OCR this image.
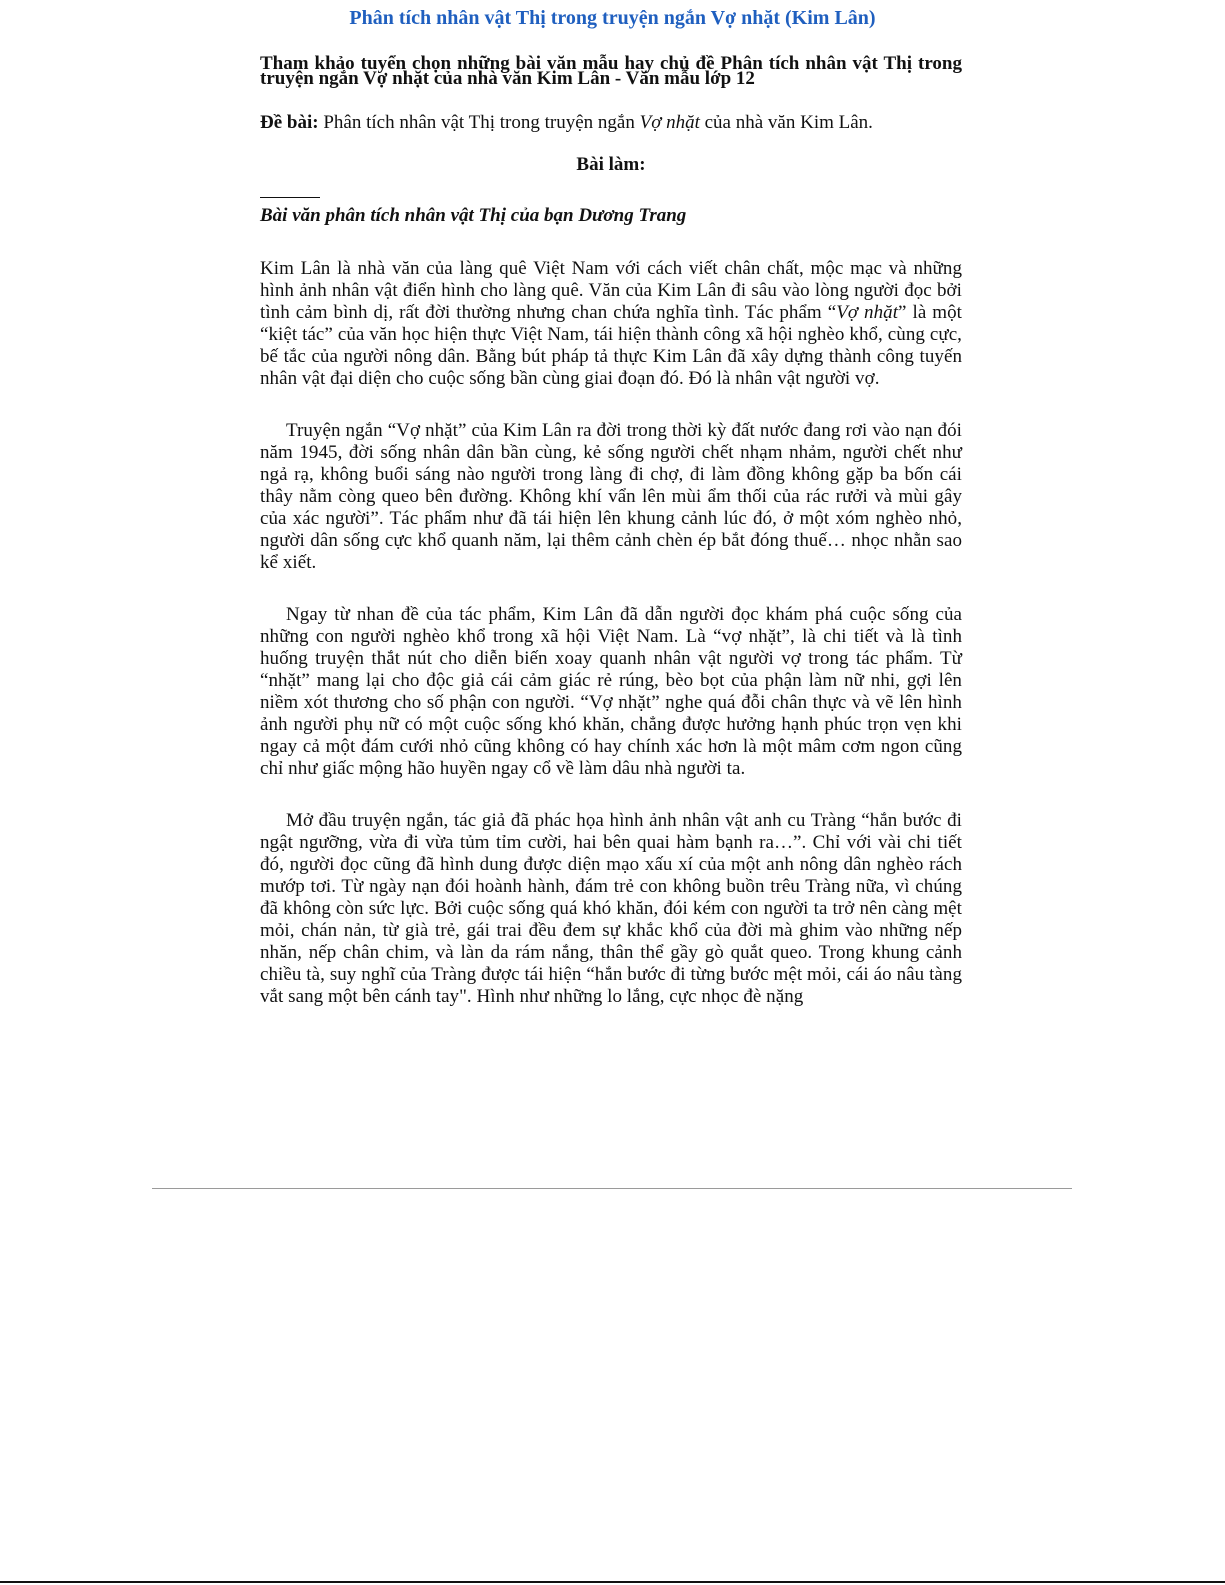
Phân tích nhân vật Thị trong truyện ngắn Vợ nhặt (Kim Lân)

Tham khảo tuyển chọn những bài văn mẫu hay chủ đề Phân tích nhân vật Thị trong truyện ngắn Vợ nhặt của nhà văn Kim Lân - Văn mẫu lớp 12

Đề bài: Phân tích nhân vật Thị trong truyện ngắn Vợ nhặt của nhà văn Kim Lân.

Bài làm:
Bài văn phân tích nhân vật Thị của bạn Dương Trang

Kim Lân là nhà văn của làng quê Việt Nam với cách viết chân chất, mộc mạc và những hình ảnh nhân vật điển hình cho làng quê. Văn của Kim Lân đi sâu vào lòng người đọc bởi tình cảm bình dị, rất đời thường nhưng chan chứa nghĩa tình. Tác phẩm “Vợ nhặt” là một “kiệt tác” của văn học hiện thực Việt Nam, tái hiện thành công xã hội nghèo khổ, cùng cực, bế tắc của người nông dân. Bằng bút pháp tả thực Kim Lân đã xây dựng thành công tuyến nhân vật đại diện cho cuộc sống bần cùng giai đoạn đó. Đó là nhân vật người vợ.

Truyện ngắn “Vợ nhặt” của Kim Lân ra đời trong thời kỳ đất nước đang rơi vào nạn đói năm 1945, đời sống nhân dân bần cùng, kẻ sống người chết nhạm nhảm, người chết như ngả rạ, không buổi sáng nào người trong làng đi chợ, đi làm đồng không gặp ba bốn cái thây nằm còng queo bên đường. Không khí vẩn lên mùi ẩm thối của rác rưởi và mùi gây của xác người”. Tác phẩm như đã tái hiện lên khung cảnh lúc đó, ở một xóm nghèo nhỏ, người dân sống cực khổ quanh năm, lại thêm cảnh chèn ép bắt đóng thuế… nhọc nhằn sao kể xiết.

Ngay từ nhan đề của tác phẩm, Kim Lân đã dẫn người đọc khám phá cuộc sống của những con người nghèo khổ trong xã hội Việt Nam. Là “vợ nhặt”, là chi tiết và là tình huống truyện thắt nút cho diễn biến xoay quanh nhân vật người vợ trong tác phẩm. Từ “nhặt” mang lại cho độc giả cái cảm giác rẻ rúng, bèo bọt của phận làm nữ nhi, gợi lên niềm xót thương cho số phận con người. “Vợ nhặt” nghe quá đỗi chân thực và vẽ lên hình ảnh người phụ nữ có một cuộc sống khó khăn, chẳng được hưởng hạnh phúc trọn vẹn khi ngay cả một đám cưới nhỏ cũng không có hay chính xác hơn là một mâm cơm ngon cũng chỉ như giấc mộng hão huyền ngay cổ về làm dâu nhà người ta.

Mở đầu truyện ngắn, tác giả đã phác họa hình ảnh nhân vật anh cu Tràng “hắn bước đi ngật ngưỡng, vừa đi vừa tủm tỉm cười, hai bên quai hàm bạnh ra…”. Chỉ với vài chi tiết đó, người đọc cũng đã hình dung được diện mạo xấu xí của một anh nông dân nghèo rách mướp tơi. Từ ngày nạn đói hoành hành, đám trẻ con không buồn trêu Tràng nữa, vì chúng đã không còn sức lực. Bởi cuộc sống quá khó khăn, đói kém con người ta trở nên càng mệt mỏi, chán nản, từ già trẻ, gái trai đều đem sự khắc khổ của đời mà ghim vào những nếp nhăn, nếp chân chim, và làn da rám nắng, thân thể gầy gò quắt queo. Trong khung cảnh chiều tà, suy nghĩ của Tràng được tái hiện “hắn bước đi từng bước mệt mỏi, cái áo nâu tàng vắt sang một bên cánh tay". Hình như những lo lắng, cực nhọc đè nặng
